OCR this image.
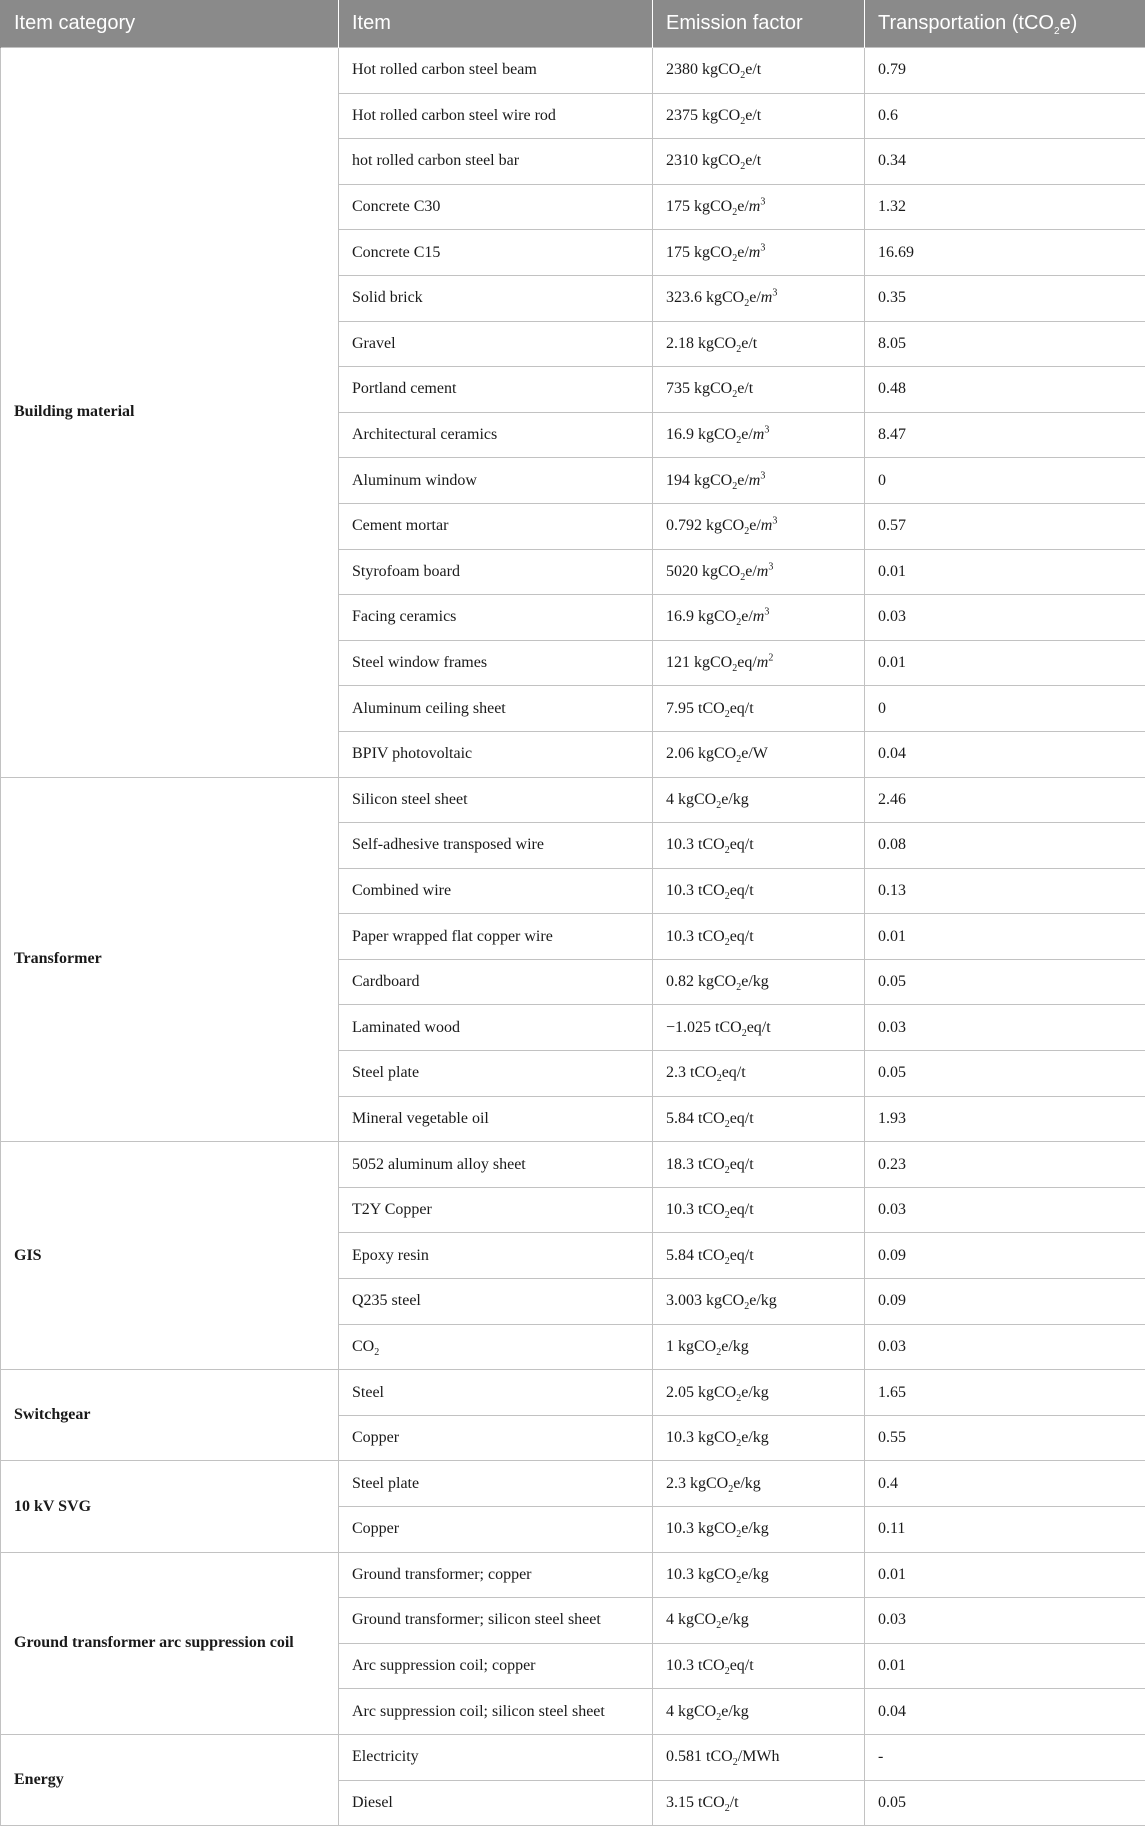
Item category	Item	Emission factor	Transportation (tCO$_2$e)
Building material	Hot rolled carbon steel beam	2380 kgCO$_2$e/t	0.79
	Hot rolled carbon steel wire rod	2375 kgCO$_2$e/t	0.6
	hot rolled carbon steel bar	2310 kgCO$_2$e/t	0.34
	Concrete C30	175 $kgCO_2e/m^3$	1.32
	Concrete C15	175 $kgCO_2e/m^3$	16.69
	Solid brick	323.6 $kgCO_2e/m^3$	0.35
	Gravel	2.18 kgCO$_2$e/t	8.05
	Portland cement	735 kgCO$_2$e/t	0.48
	Architectural ceramics	16.9 $kgCO_2e/m^3$	8.47
	Aluminum window	194 $kgCO_2e/m^3$	0
	Cement mortar	0.792 $kgCO_2e/m^3$	0.57
	Styrofoam board	5020 $kgCO_2e/m^3$	0.01
	Facing ceramics	16.9 $kgCO_2e/m^3$	0.03
	Steel window frames	121 $kgCO_2eq/m^2$	0.01
	Aluminum ceiling sheet	7.95 tCO$_2$eq/t	0
	BPIV photovoltaic	2.06 kgCO$_2$e/W	0.04
Transformer	Silicon steel sheet	4 kgCO$_2$e/kg	2.46
	Self-adhesive transposed wire	10.3 tCO$_2$eq/t	0.08
	Combined wire	10.3 tCO$_2$eq/t	0.13
	Paper wrapped flat copper wire	10.3 tCO$_2$eq/t	0.01
	Cardboard	0.82 kgCO$_2$e/kg	0.05
	Laminated wood	−1.025 tCO$_2$eq/t	0.03
	Steel plate	2.3 tCO$_2$eq/t	0.05
	Mineral vegetable oil	5.84 tCO$_2$eq/t	1.93
GIS	5052 aluminum alloy sheet	18.3 tCO$_2$eq/t	0.23
	T2Y Copper	10.3 tCO$_2$eq/t	0.03
	Epoxy resin	5.84 tCO$_2$eq/t	0.09
	Q235 steel	3.003 kgCO$_2$e/kg	0.09
	$CO_2$	1 kgCO$_2$e/kg	0.03
Switchgear	Steel	2.05 kgCO$_2$e/kg	1.65
	Copper	10.3 kgCO$_2$e/kg	0.55
10 kV SVG	Steel plate	2.3 kgCO$_2$e/kg	0.4
	Copper	10.3 kgCO$_2$e/kg	0.11
Ground transformer arc suppression coil	Ground transformer; copper	10.3 kgCO$_2$e/kg	0.01
	Ground transformer; silicon steel sheet	4 kgCO$_2$e/kg	0.03
	Arc suppression coil; copper	10.3 tCO$_2$eq/t	0.01
	Arc suppression coil; silicon steel sheet	4 kgCO$_2$e/kg	0.04
Energy	Electricity	0.581 tCO$_2$/MWh	-
	Diesel	3.15 tCO$_2$/t	0.05
